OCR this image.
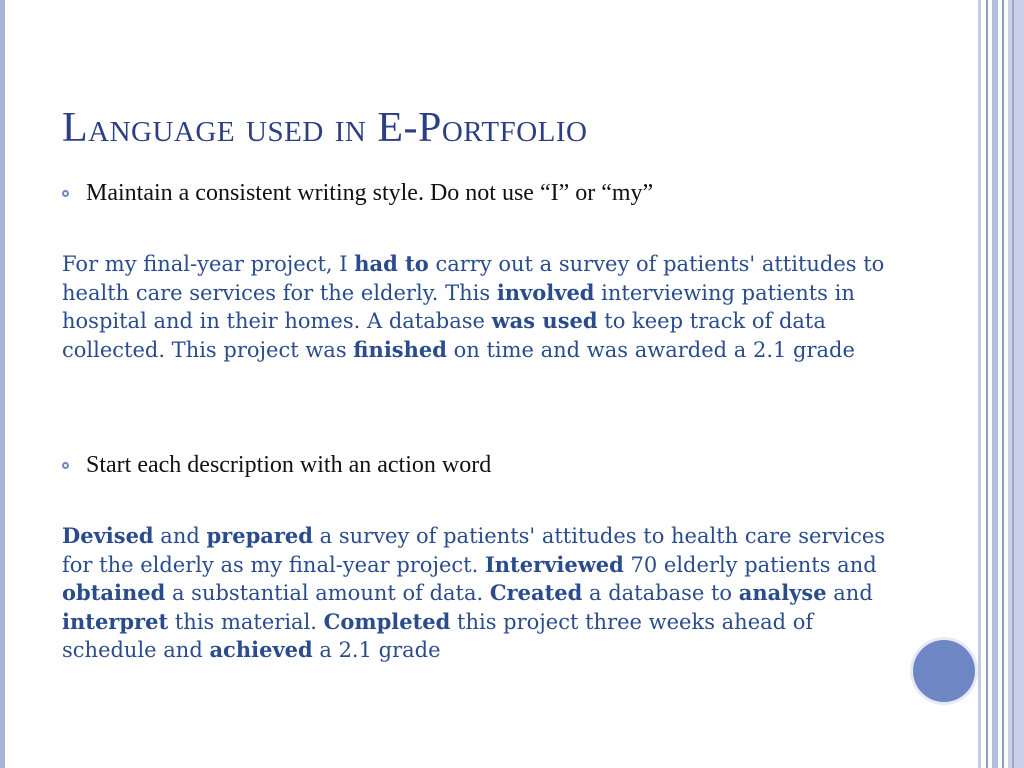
Language used in E-Portfolio
Maintain a consistent writing style. Do not use “I” or “my”

For my final-year project, I had to carry out a survey of patients' attitudes to health care services for the elderly. This involved interviewing patients in hospital and in their homes. A database was used to keep track of data collected. This project was finished on time and was awarded a 2.1 grade

Start each description with an action word

Devised and prepared a survey of patients' attitudes to health care services for the elderly as my final-year project. Interviewed 70 elderly patients and obtained a substantial amount of data. Created a database to analyse and interpret this material. Completed this project three weeks ahead of schedule and achieved a 2.1 grade
